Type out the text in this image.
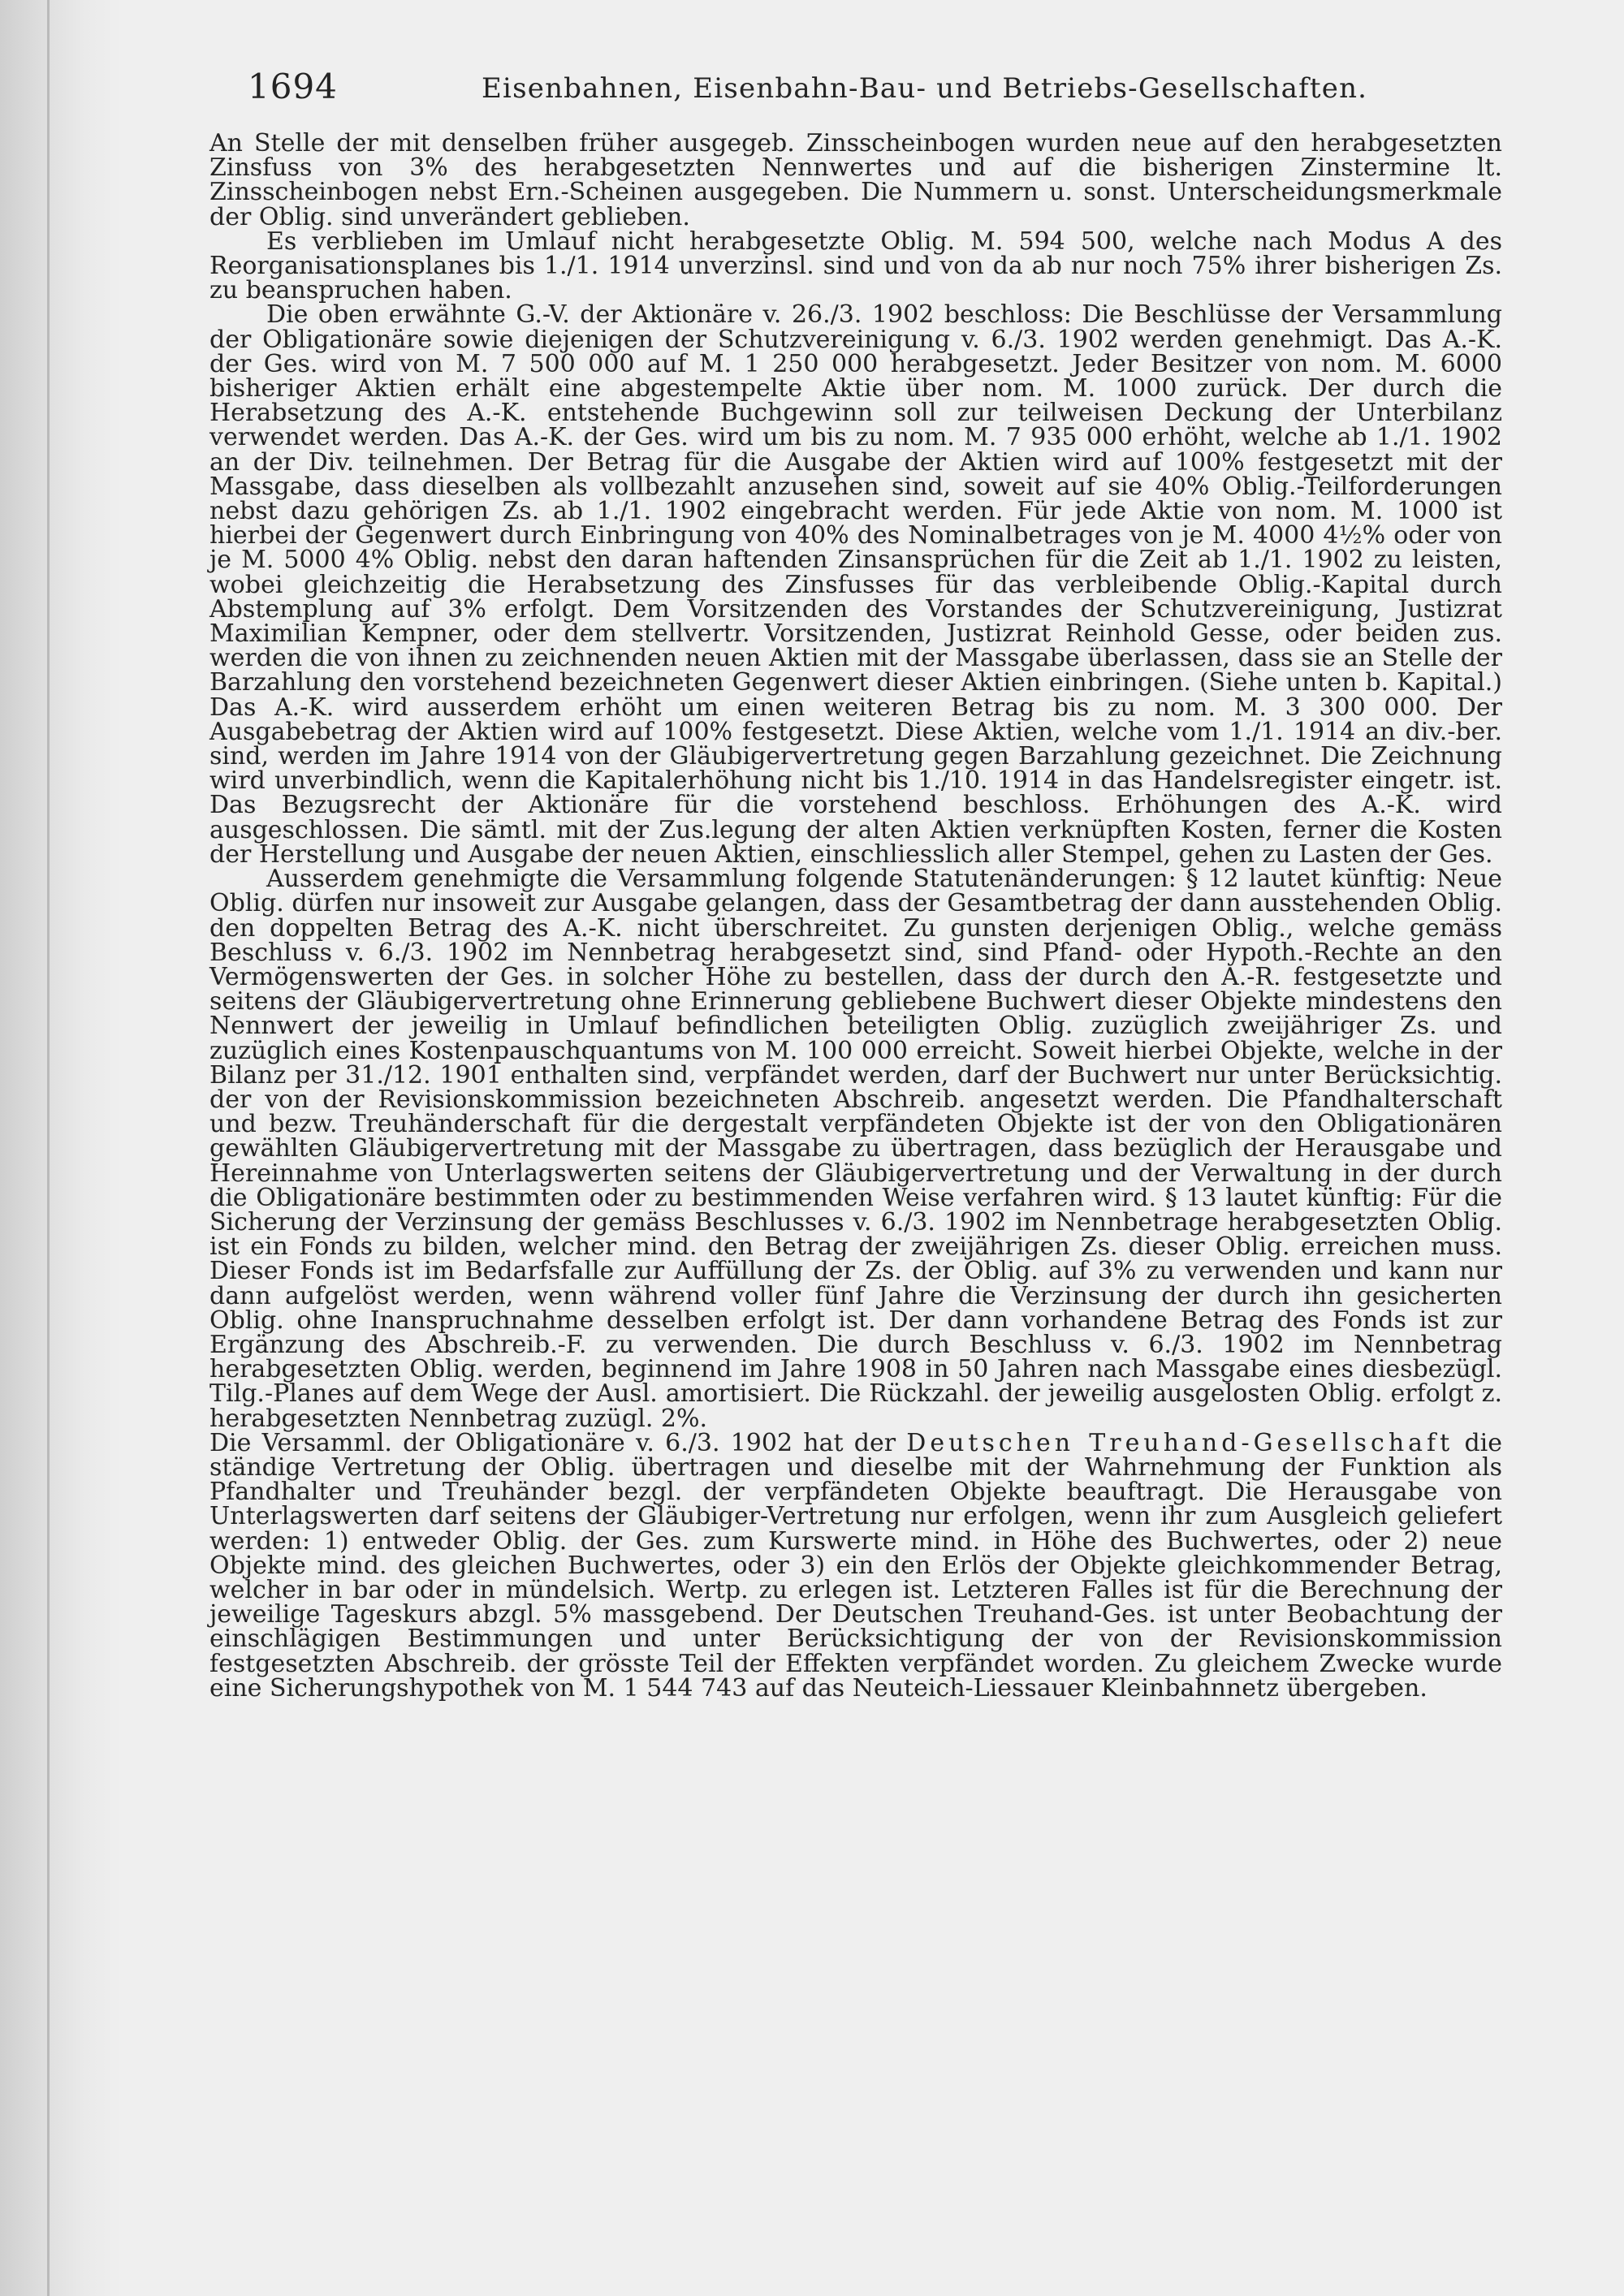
1694	Eisenbahnen, Eisenbahn-Bau- und Betriebs-Gesellschaften.

An Stelle der mit denselben früher ausgegeb. Zinsscheinbogen wurden neue auf den herabgesetzten Zinsfuss von 3% des herabgesetzten Nennwertes und auf die bisherigen Zinstermine lt. Zinsscheinbogen nebst Ern.-Scheinen ausgegeben. Die Nummern u. sonst. Unterscheidungsmerkmale der Oblig. sind unverändert geblieben.

Es verblieben im Umlauf nicht herabgesetzte Oblig. M. 594 500, welche nach Modus A des Reorganisationsplanes bis 1./1. 1914 unverzinsl. sind und von da ab nur noch 75% ihrer bisherigen Zs. zu beanspruchen haben.

Die oben erwähnte G.-V. der Aktionäre v. 26./3. 1902 beschloss: Die Beschlüsse der Versammlung der Obligationäre sowie diejenigen der Schutzvereinigung v. 6./3. 1902 werden genehmigt. Das A.-K. der Ges. wird von M. 7 500 000 auf M. 1 250 000 herabgesetzt. Jeder Besitzer von nom. M. 6000 bisheriger Aktien erhält eine abgestempelte Aktie über nom. M. 1000 zurück. Der durch die Herabsetzung des A.-K. entstehende Buchgewinn soll zur teilweisen Deckung der Unterbilanz verwendet werden. Das A.-K. der Ges. wird um bis zu nom. M. 7 935 000 erhöht, welche ab 1./1. 1902 an der Div. teilnehmen. Der Betrag für die Ausgabe der Aktien wird auf 100% festgesetzt mit der Massgabe, dass dieselben als vollbezahlt anzusehen sind, soweit auf sie 40% Oblig.-Teilforderungen nebst dazu gehörigen Zs. ab 1./1. 1902 eingebracht werden. Für jede Aktie von nom. M. 1000 ist hierbei der Gegenwert durch Einbringung von 40% des Nominalbetrages von je M. 4000 4½% oder von je M. 5000 4% Oblig. nebst den daran haftenden Zinsansprüchen für die Zeit ab 1./1. 1902 zu leisten, wobei gleichzeitig die Herabsetzung des Zinsfusses für das verbleibende Oblig.-Kapital durch Abstemplung auf 3% erfolgt. Dem Vorsitzenden des Vorstandes der Schutzvereinigung, Justizrat Maximilian Kempner, oder dem stellvertr. Vorsitzenden, Justizrat Reinhold Gesse, oder beiden zus. werden die von ihnen zu zeichnenden neuen Aktien mit der Massgabe überlassen, dass sie an Stelle der Barzahlung den vorstehend bezeichneten Gegenwert dieser Aktien einbringen. (Siehe unten b. Kapital.) Das A.-K. wird ausserdem erhöht um einen weiteren Betrag bis zu nom. M. 3 300 000. Der Ausgabebetrag der Aktien wird auf 100% festgesetzt. Diese Aktien, welche vom 1./1. 1914 an div.-ber. sind, werden im Jahre 1914 von der Gläubigervertretung gegen Barzahlung gezeichnet. Die Zeichnung wird unverbindlich, wenn die Kapitalerhöhung nicht bis 1./10. 1914 in das Handelsregister eingetr. ist. Das Bezugsrecht der Aktionäre für die vorstehend beschloss. Erhöhungen des A.-K. wird ausgeschlossen. Die sämtl. mit der Zus.legung der alten Aktien verknüpften Kosten, ferner die Kosten der Herstellung und Ausgabe der neuen Aktien, einschliesslich aller Stempel, gehen zu Lasten der Ges.

Ausserdem genehmigte die Versammlung folgende Statutenänderungen: § 12 lautet künftig: Neue Oblig. dürfen nur insoweit zur Ausgabe gelangen, dass der Gesamtbetrag der dann ausstehenden Oblig. den doppelten Betrag des A.-K. nicht überschreitet. Zu gunsten derjenigen Oblig., welche gemäss Beschluss v. 6./3. 1902 im Nennbetrag herabgesetzt sind, sind Pfand- oder Hypoth.-Rechte an den Vermögenswerten der Ges. in solcher Höhe zu bestellen, dass der durch den A.-R. festgesetzte und seitens der Gläubigervertretung ohne Erinnerung gebliebene Buchwert dieser Objekte mindestens den Nennwert der jeweilig in Umlauf befindlichen beteiligten Oblig. zuzüglich zweijähriger Zs. und zuzüglich eines Kostenpauschquantums von M. 100 000 erreicht. Soweit hierbei Objekte, welche in der Bilanz per 31./12. 1901 enthalten sind, verpfändet werden, darf der Buchwert nur unter Berücksichtig. der von der Revisionskommission bezeichneten Abschreib. angesetzt werden. Die Pfandhalterschaft und bezw. Treuhänderschaft für die dergestalt verpfändeten Objekte ist der von den Obligationären gewählten Gläubigervertretung mit der Massgabe zu übertragen, dass bezüglich der Herausgabe und Hereinnahme von Unterlagswerten seitens der Gläubigervertretung und der Verwaltung in der durch die Obligationäre bestimmten oder zu bestimmenden Weise verfahren wird. § 13 lautet künftig: Für die Sicherung der Verzinsung der gemäss Beschlusses v. 6./3. 1902 im Nennbetrage herabgesetzten Oblig. ist ein Fonds zu bilden, welcher mind. den Betrag der zweijährigen Zs. dieser Oblig. erreichen muss. Dieser Fonds ist im Bedarfsfalle zur Auffüllung der Zs. der Oblig. auf 3% zu verwenden und kann nur dann aufgelöst werden, wenn während voller fünf Jahre die Verzinsung der durch ihn gesicherten Oblig. ohne Inanspruchnahme desselben erfolgt ist. Der dann vorhandene Betrag des Fonds ist zur Ergänzung des Abschreib.-F. zu verwenden. Die durch Beschluss v. 6./3. 1902 im Nennbetrag herabgesetzten Oblig. werden, beginnend im Jahre 1908 in 50 Jahren nach Massgabe eines diesbezügl. Tilg.-Planes auf dem Wege der Ausl. amortisiert. Die Rückzahl. der jeweilig ausgelosten Oblig. erfolgt z. herabgesetzten Nennbetrag zuzügl. 2%.

Die Versamml. der Obligationäre v. 6./3. 1902 hat der Deutschen Treuhand-Gesellschaft die ständige Vertretung der Oblig. übertragen und dieselbe mit der Wahrnehmung der Funktion als Pfandhalter und Treuhänder bezgl. der verpfändeten Objekte beauftragt. Die Herausgabe von Unterlagswerten darf seitens der Gläubiger-Vertretung nur erfolgen, wenn ihr zum Ausgleich geliefert werden: 1) entweder Oblig. der Ges. zum Kurswerte mind. in Höhe des Buchwertes, oder 2) neue Objekte mind. des gleichen Buchwertes, oder 3) ein den Erlös der Objekte gleichkommender Betrag, welcher in bar oder in mündelsich. Wertp. zu erlegen ist. Letzteren Falles ist für die Berechnung der jeweilige Tageskurs abzgl. 5% massgebend. Der Deutschen Treuhand-Ges. ist unter Beobachtung der einschlägigen Bestimmungen und unter Berücksichtigung der von der Revisionskommission festgesetzten Abschreib. der grösste Teil der Effekten verpfändet worden. Zu gleichem Zwecke wurde eine Sicherungshypothek von M. 1 544 743 auf das Neuteich-Liessauer Kleinbahnnetz übergeben.
